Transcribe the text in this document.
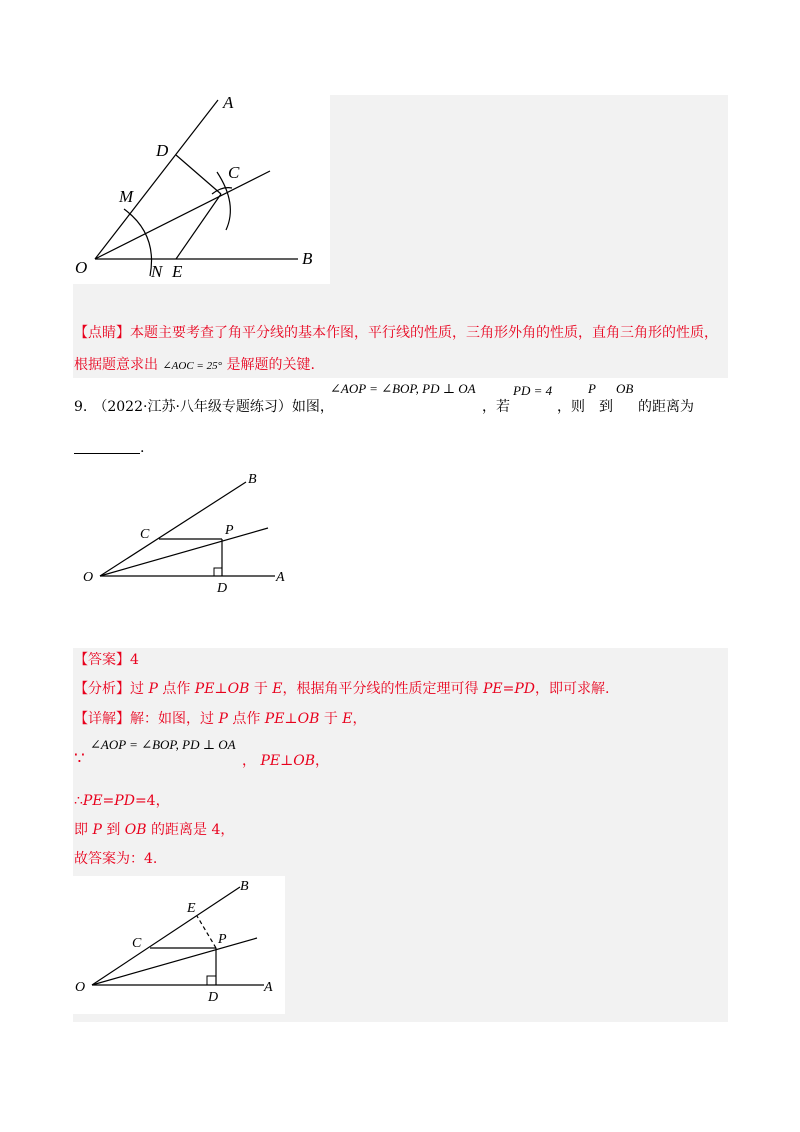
A
B
C
D
E
M
N
O
【点睛】本题主要考查了角平分线的基本作图，平行线的性质，三角形外角的性质，直角三角形的性质，
根据题意求出 ∠AOC = 25° 是解题的关键.
9. （2022·江苏·八年级专题练习）如图，
∠AOP = ∠BOP, PD ⊥ OA
，若
PD = 4
，则
P
到
OB
的距离为
.
B
C	P
O
D
A
【答案】4
【分析】过 P 点作 PE⊥OB 于 E，根据角平分线的性质定理可得 PE=PD，即可求解.
【详解】解：如图，过 P 点作 PE⊥OB 于 E，
∵
∠AOP = ∠BOP, PD ⊥ OA
， PE⊥OB，
∴PE=PD=4，
即 P 到 OB 的距离是 4，
故答案为：4.
B
E
C	P
O
D
A
